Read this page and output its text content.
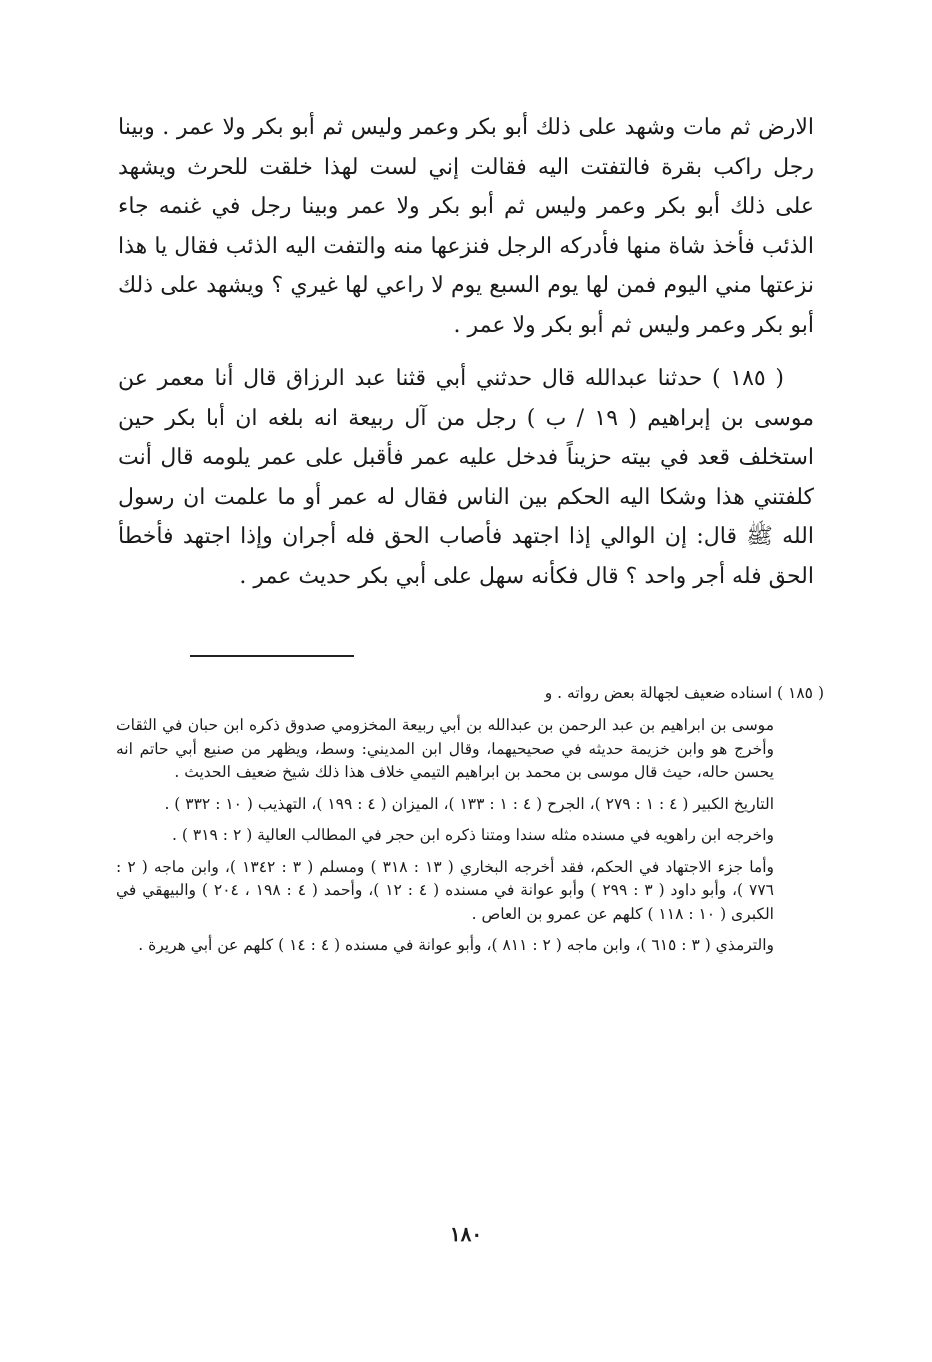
الارض ثم مات وشهد على ذلك أبو بكر وعمر وليس ثم أبو بكر ولا عمر . وبينا رجل راكب بقرة فالتفتت اليه فقالت إني لست لهذا خلقت للحرث ويشهد على ذلك أبو بكر وعمر وليس ثم أبو بكر ولا عمر وبينا رجل في غنمه جاء الذئب فأخذ شاة منها فأدركه الرجل فنزعها منه والتفت اليه الذئب فقال يا هذا نزعتها مني اليوم فمن لها يوم السبع يوم لا راعي لها غيري ؟ ويشهد على ذلك أبو بكر وعمر وليس ثم أبو بكر ولا عمر .

( ١٨٥ ) حدثنا عبدالله قال حدثني أبي قثنا عبد الرزاق قال أنا معمر عن موسى بن إبراهيم ( ١٩ / ب ) رجل من آل ربيعة انه بلغه ان أبا بكر حين استخلف قعد في بيته حزيناً فدخل عليه عمر فأقبل على عمر يلومه قال أنت كلفتني هذا وشكا اليه الحكم بين الناس فقال له عمر أو ما علمت ان رسول الله ﷺ قال: إن الوالي إذا اجتهد فأصاب الحق فله أجران وإذا اجتهد فأخطأ الحق فله أجر واحد ؟ قال فكأنه سهل على أبي بكر حديث عمر .

( ١٨٥ ) اسناده ضعيف لجهالة بعض رواته . و

موسى بن ابراهيم بن عبد الرحمن بن عبدالله بن أبي ربيعة المخزومي صدوق ذكره ابن حبان في الثقات وأخرج هو وابن خزيمة حديثه في صحيحيهما، وقال ابن المديني: وسط، ويظهر من صنيع أبي حاتم انه يحسن حاله، حيث قال موسى بن محمد بن ابراهيم التيمي خلاف هذا ذلك شيخ ضعيف الحديث .

التاريخ الكبير ( ٤ : ١ : ٢٧٩ )، الجرح ( ٤ : ١ : ١٣٣ )، الميزان ( ٤ : ١٩٩ )، التهذيب ( ١٠ : ٣٣٢ ) .

واخرجه ابن راهويه في مسنده مثله سندا ومتنا ذكره ابن حجر في المطالب العالية ( ٢ : ٣١٩ ) .

وأما جزء الاجتهاد في الحكم، فقد أخرجه البخاري ( ١٣ : ٣١٨ ) ومسلم ( ٣ : ١٣٤٢ )، وابن ماجه ( ٢ : ٧٧٦ )، وأبو داود ( ٣ : ٢٩٩ ) وأبو عوانة في مسنده ( ٤ : ١٢ )، وأحمد ( ٤ : ١٩٨ ، ٢٠٤ ) والبيهقي في الكبرى ( ١٠ : ١١٨ ) كلهم عن عمرو بن العاص .

والترمذي ( ٣ : ٦١٥ )، وابن ماجه ( ٢ : ٨١١ )، وأبو عوانة في مسنده ( ٤ : ١٤ ) كلهم عن أبي هريرة .

١٨٠
